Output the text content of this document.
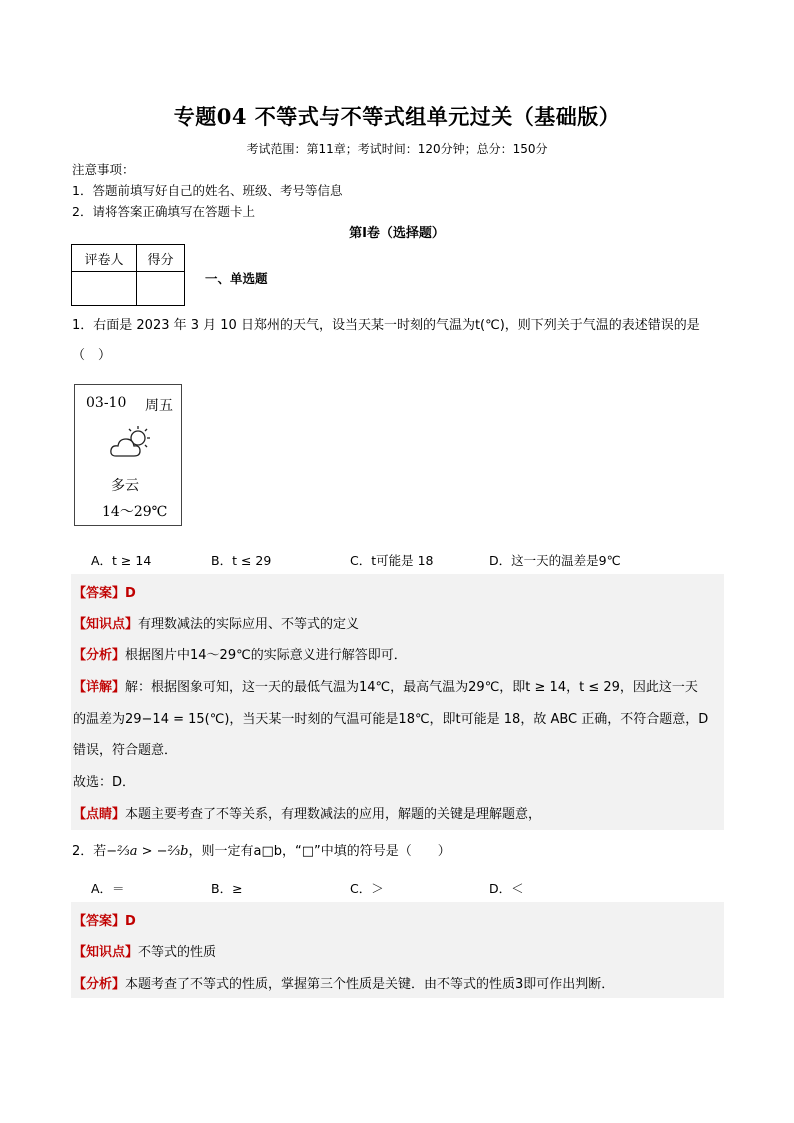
专题04 不等式与不等式组单元过关（基础版）
考试范围：第11章；考试时间：120分钟；总分：150分
注意事项：
1．答题前填写好自己的姓名、班级、考号等信息
2．请将答案正确填写在答题卡上
第I卷（选择题）
评卷人	得分

一、单选题
1．右面是 2023 年 3 月 10 日郑州的天气，设当天某一时刻的气温为t(℃)，则下列关于气温的表述错误的是
（　）
03-10 周五
多云
14～29℃
A．t ≥ 14	B．t ≤ 29	C．t可能是 18	D．这一天的温差是9℃
【答案】D
【知识点】有理数减法的实际应用、不等式的定义
【分析】根据图片中14～29℃的实际意义进行解答即可．
【详解】解：根据图象可知，这一天的最低气温为14℃，最高气温为29℃，即t ≥ 14，t ≤ 29，因此这一天
的温差为29−14 = 15(℃)，当天某一时刻的气温可能是18℃，即t可能是 18，故 ABC 正确，不符合题意，D
错误，符合题意．
故选：D．
【点睛】本题主要考查了不等关系，有理数减法的应用，解题的关键是理解题意，
2．若−⅔a > −⅔b，则一定有a□b，“□”中填的符号是（　　）
A．＝	B．≥	C．＞	D．＜
【答案】D
【知识点】不等式的性质
【分析】本题考查了不等式的性质，掌握第三个性质是关键．由不等式的性质3即可作出判断．
